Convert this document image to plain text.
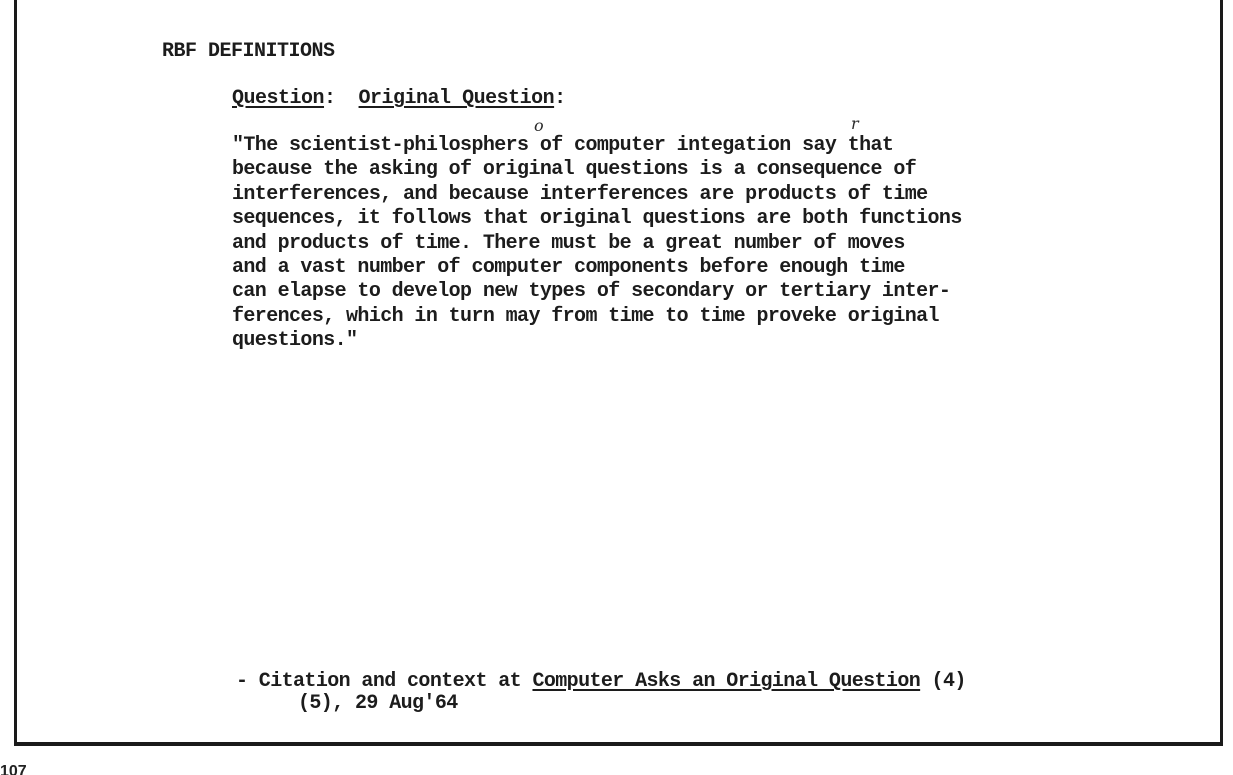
RBF DEFINITIONS
Question: Original Question:

"The scientist-philosphers of computer integation say that
because the asking of original questions is a consequence of
interferences, and because interferences are products of time
sequences, it follows that original questions are both functions
and products of time. There must be a great number of moves
and a vast number of computer components before enough time
can elapse to develop new types of secondary or tertiary inter-
ferences, which in turn may from time to time proveke original
questions."

o	r
- Citation and context at Computer Asks an Original Question (4)
(5), 29 Aug'64
107
